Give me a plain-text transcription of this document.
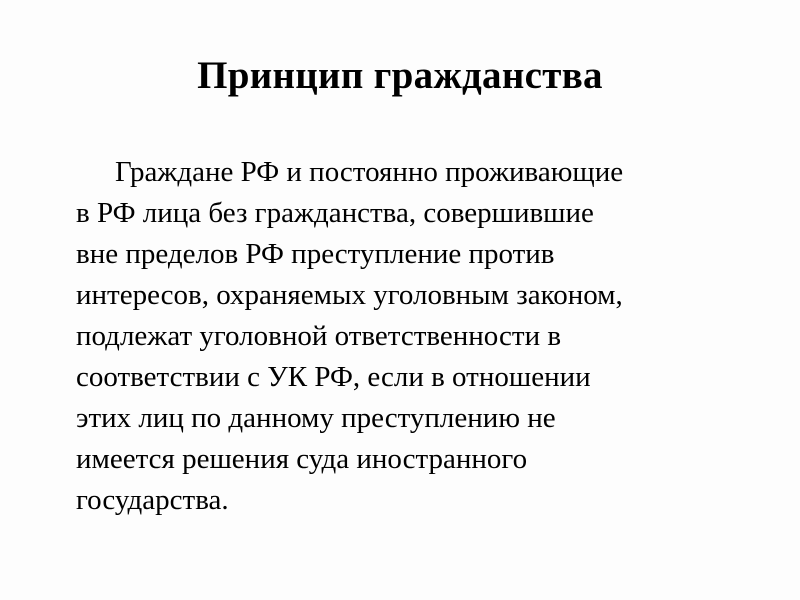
Принцип гражданства
Граждане РФ и постоянно проживающие
в РФ лица без гражданства, совершившие
вне пределов РФ преступление против
интересов, охраняемых уголовным законом,
подлежат уголовной ответственности в
соответствии с УК РФ, если в отношении
этих лиц по данному преступлению не
имеется решения суда иностранного
государства.
